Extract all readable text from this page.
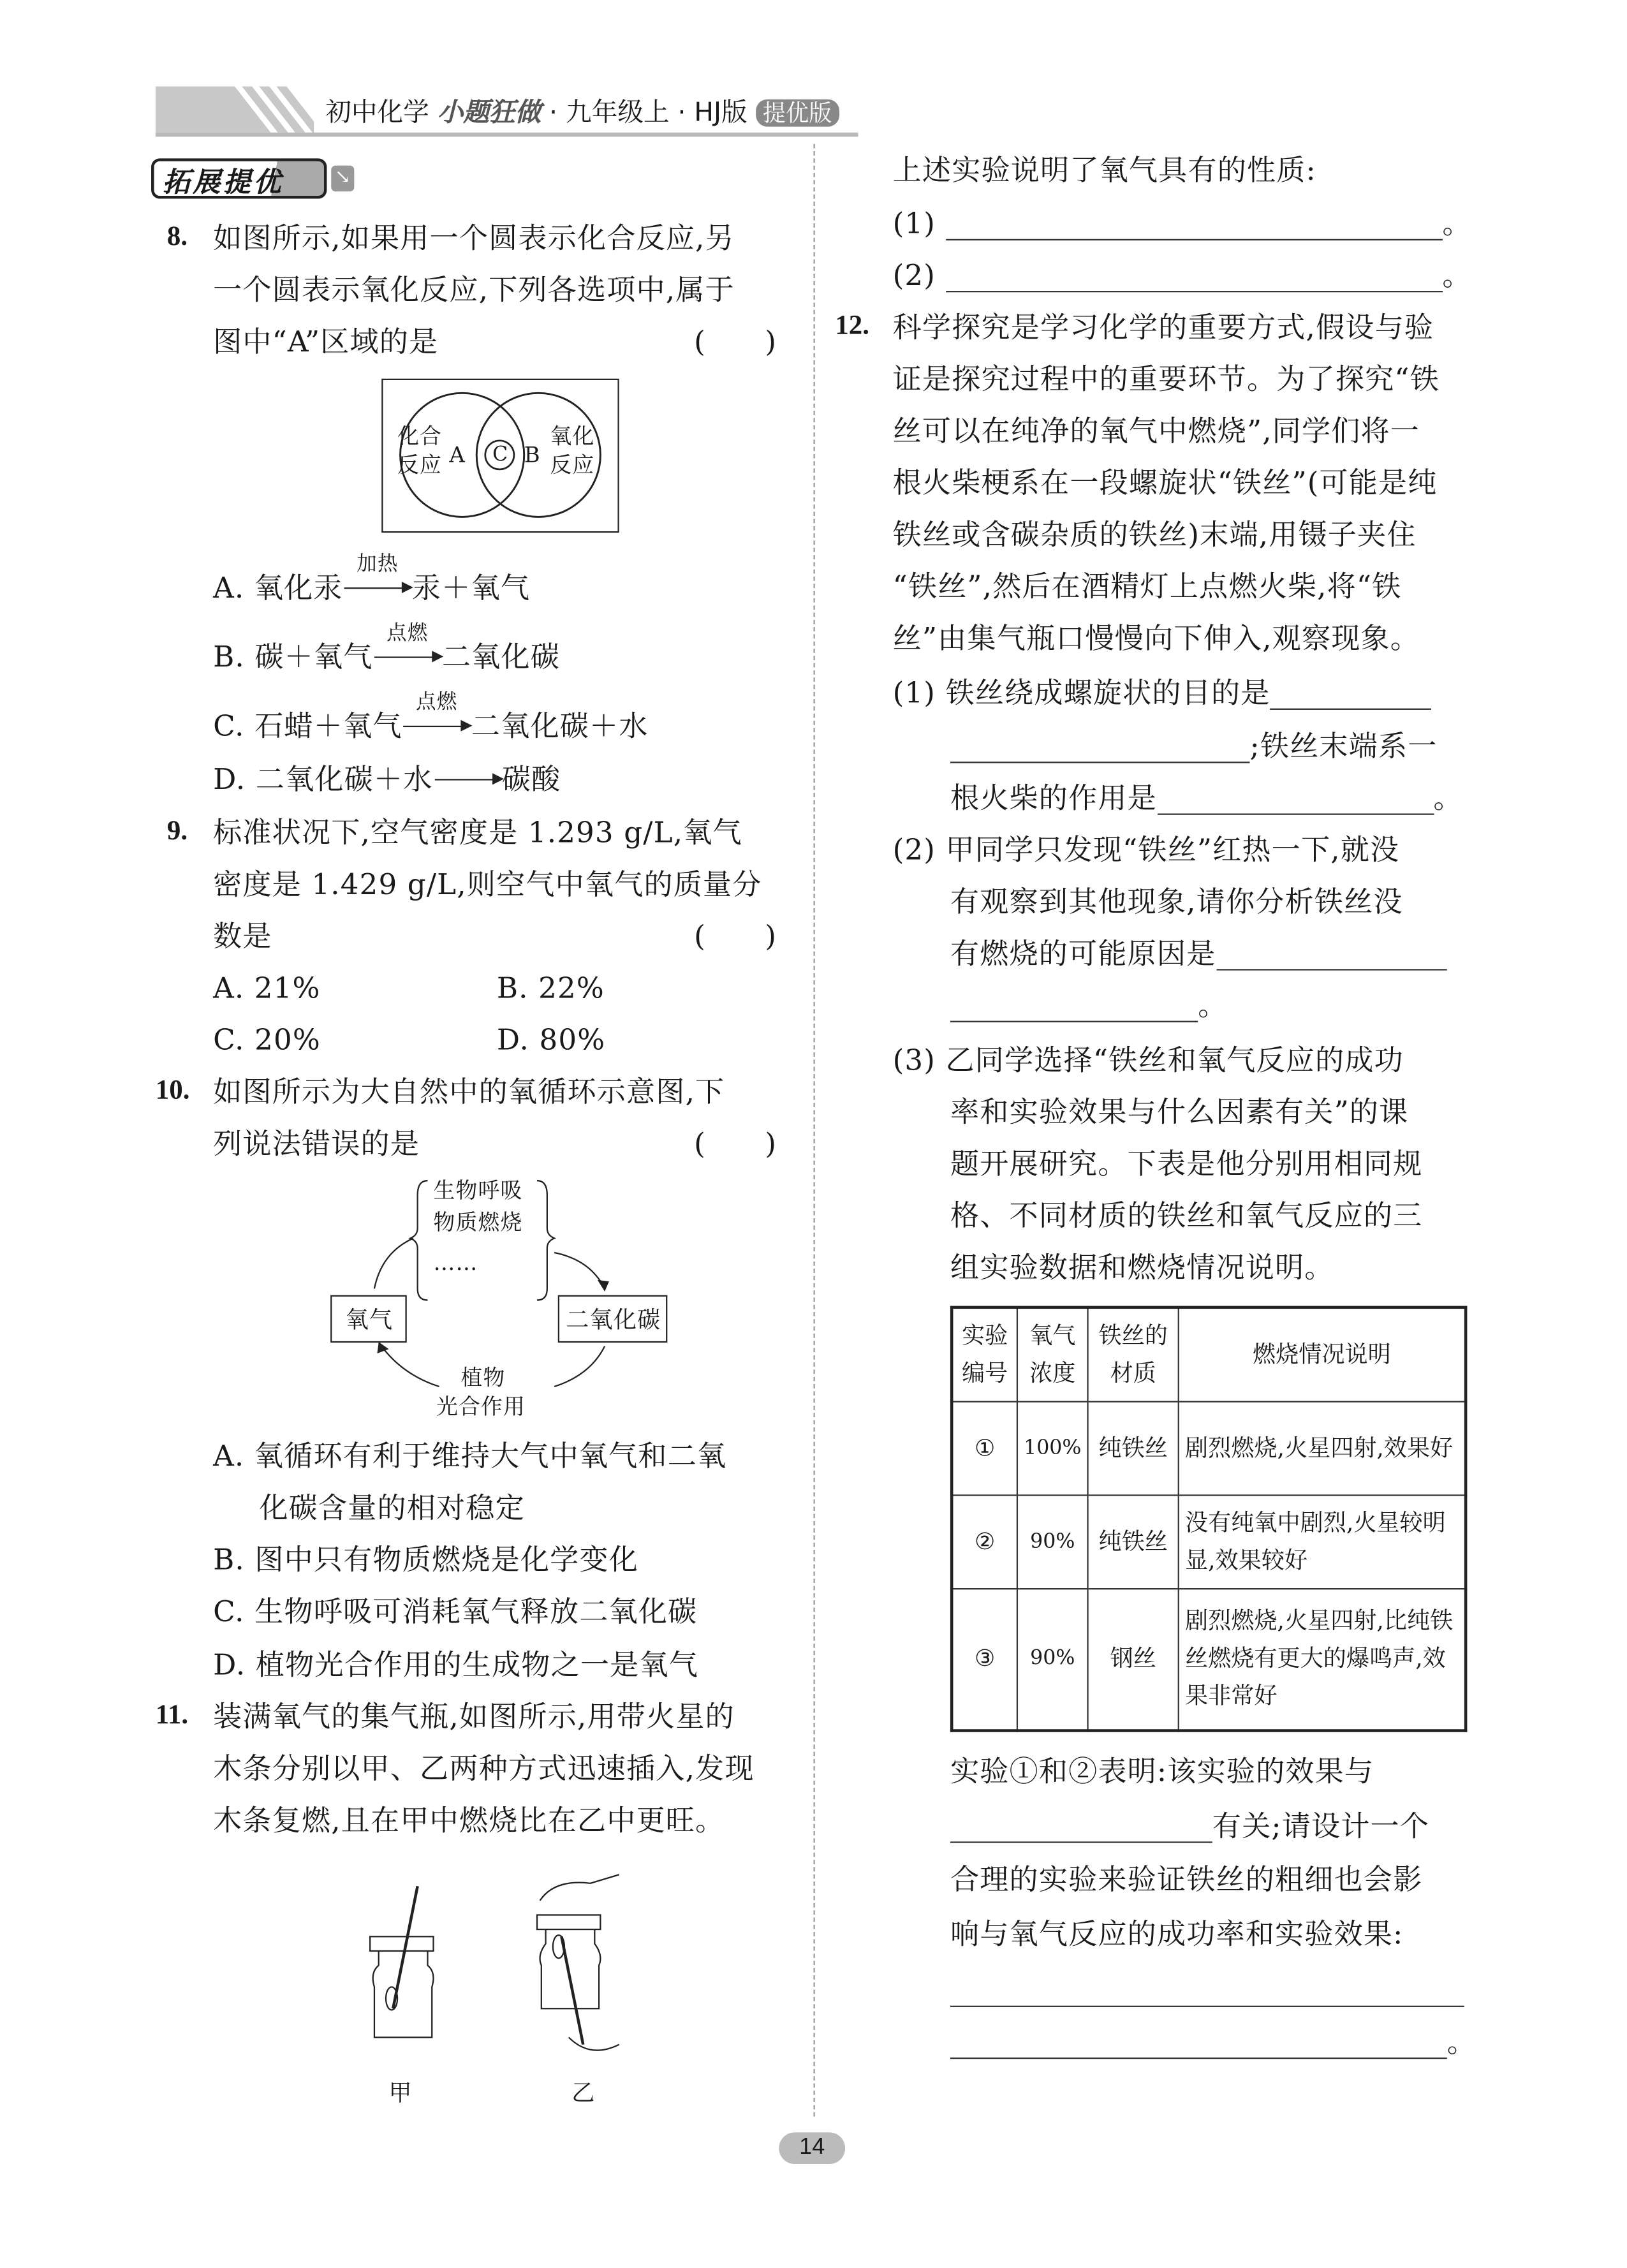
初中化学 小题狂做 · 九年级上 · HJ版 提优版
拓展提优	↘
8. 如图所示,如果用一个圆表示化合反应,另
一个圆表示氧化反应,下列各选项中,属于
图中“A”区域的是	(　　)
化合
反应 A	C B
氧化
反应
A. 氧化汞
加热
汞＋氧气
B. 碳＋氧气
点燃
二氧化碳
C. 石蜡＋氧气
点燃
二氧化碳＋水
D. 二氧化碳＋水	碳酸
9. 标准状况下,空气密度是 1.293 g/L,氧气
密度是 1.429 g/L,则空气中氧气的质量分
数是	(　　)
A. 21%	B. 22%
C. 20%	D. 80%
10. 如图所示为大自然中的氧循环示意图,下
列说法错误的是	(　　)
生物呼吸
物质燃烧
……
氧气	二氧化碳
植物
光合作用
A. 氧循环有利于维持大气中氧气和二氧
化碳含量的相对稳定
B. 图中只有物质燃烧是化学变化
C. 生物呼吸可消耗氧气释放二氧化碳
D. 植物光合作用的生成物之一是氧气
11. 装满氧气的集气瓶,如图所示,用带火星的
木条分别以甲、乙两种方式迅速插入,发现
木条复燃,且在甲中燃烧比在乙中更旺。
甲	乙
上述实验说明了氧气具有的性质:
(1)	。
(2)	。
12. 科学探究是学习化学的重要方式,假设与验
证是探究过程中的重要环节。为了探究“铁
丝可以在纯净的氧气中燃烧”,同学们将一
根火柴梗系在一段螺旋状“铁丝”(可能是纯
铁丝或含碳杂质的铁丝)末端,用镊子夹住
“铁丝”,然后在酒精灯上点燃火柴,将“铁
丝”由集气瓶口慢慢向下伸入,观察现象。
(1) 铁丝绕成螺旋状的目的是
;铁丝末端系一
根火柴的作用是	。
(2) 甲同学只发现“铁丝”红热一下,就没
有观察到其他现象,请你分析铁丝没
有燃烧的可能原因是
。
(3) 乙同学选择“铁丝和氧气反应的成功
率和实验效果与什么因素有关”的课
题开展研究。下表是他分别用相同规
格、不同材质的铁丝和氧气反应的三
组实验数据和燃烧情况说明。
实验
编号	氧气
浓度	铁丝的
材质	燃烧情况说明
①	100%	纯铁丝	剧烈燃烧,火星四射,效果好
②	90%	纯铁丝	没有纯氧中剧烈,火星较明显,效果较好
③	90%	钢丝	剧烈燃烧,火星四射,比纯铁丝燃烧有更大的爆鸣声,效果非常好
实验①和②表明:该实验的效果与
有关;请设计一个
合理的实验来验证铁丝的粗细也会影
响与氧气反应的成功率和实验效果:
。
14
